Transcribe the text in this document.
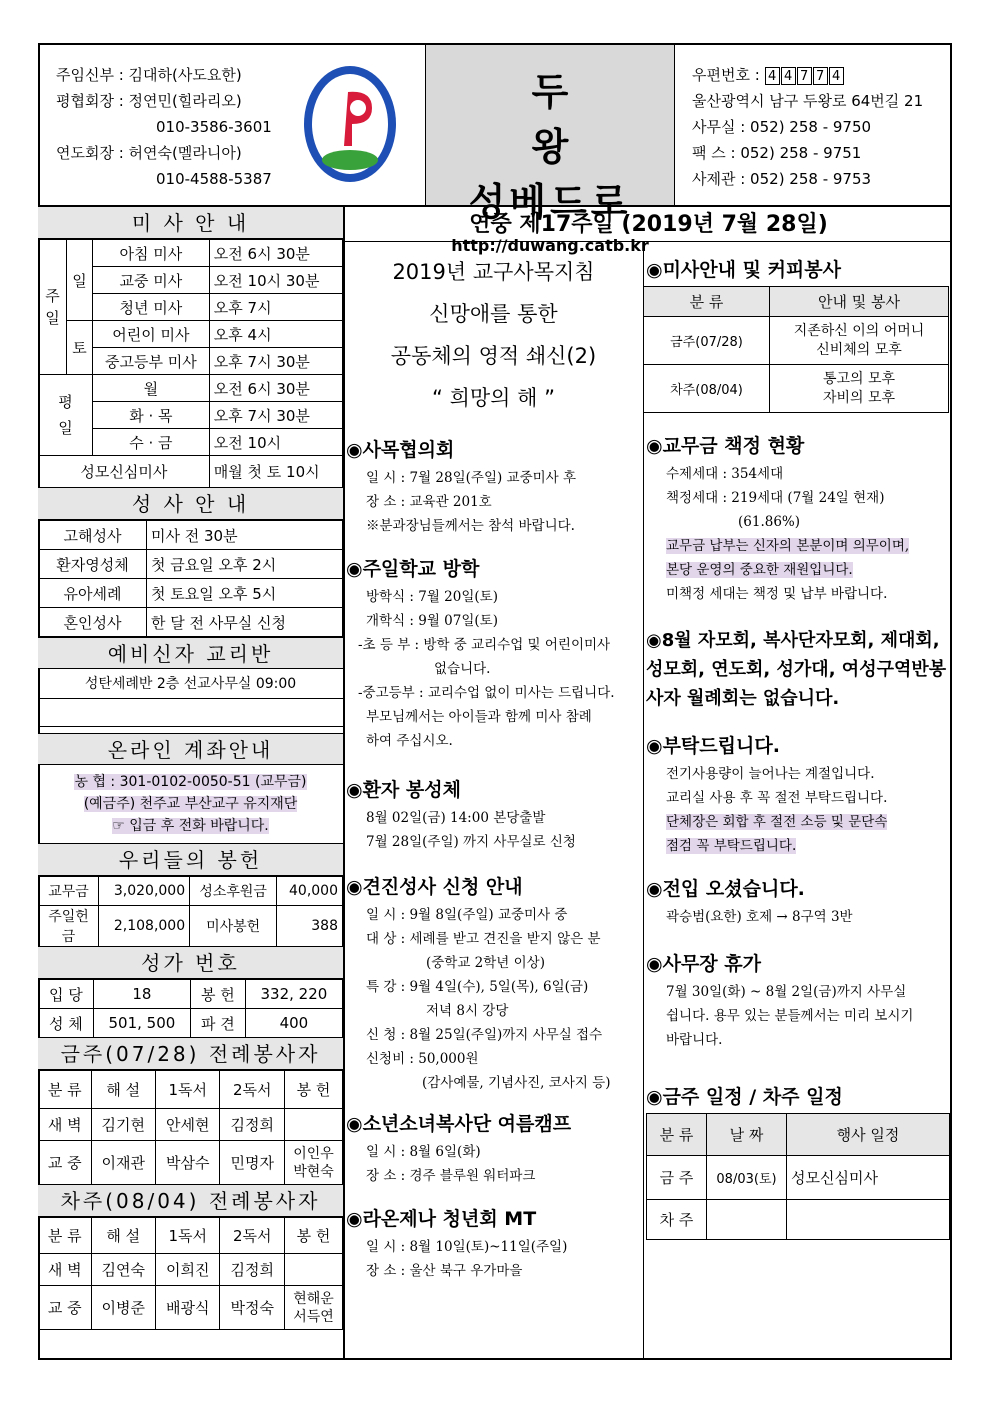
주임신부 : 김대하(사도요한)
평협회장 : 정연민(힐라리오)
010-3586-3601
연도회장 : 허연숙(멜라니아)
010-4588-5387
두 왕
성베드로
http://duwang.catb.kr
우편번호 : 4 4 7 7 4
울산광역시 남구 두왕로 64번길 21
사무실 : 052) 258 - 9750
팩 스 : 052) 258 - 9751
사제관 : 052) 258 - 9753
미 사 안 내
주
일	일	아침 미사	오전 6시 30분
		교중 미사	오전 10시 30분
		청년 미사	오후 7시
	토	어린이 미사	오후 4시
		중고등부 미사	오후 7시 30분
평
일		월	오전 6시 30분
		화 · 목	오후 7시 30분
		수 · 금	오전 10시
성모신심미사			매월 첫 토 10시
성 사 안 내
고해성사	미사 전 30분
환자영성체	첫 금요일 오후 2시
유아세례	첫 토요일 오후 5시
혼인성사	한 달 전 사무실 신청
예비신자 교리반
성탄세례반 2층 선교사무실 09:00
온라인 계좌안내
농 협 : 301-0102-0050-51 (교무금)
(예금주) 천주교 부산교구 유지재단
☞ 입금 후 전화 바랍니다.
우리들의 봉헌
교무금	3,020,000	성소후원금	40,000
주일헌금	2,108,000	미사봉헌	388
성가 번호
입 당	18	봉 헌	332, 220
성 체	501, 500	파 견	400
금주(07/28) 전례봉사자
분 류	해 설	1독서	2독서	봉 헌
새 벽	김기현	안세현	김정희	
교 중	이재관	박삼수	민명자	이인우 박현숙
차주(08/04) 전례봉사자
분 류	해 설	1독서	2독서	봉 헌
새 벽	김연숙	이희진	김정희	
교 중	이병준	배광식	박정숙	현해운 서득연
연중 제17주일 (2019년 7월 28일)
2019년 교구사목지침
신망애를 통한
공동체의 영적 쇄신(2)
“ 희망의 해 ”
◉사목협의회
일 시 : 7월 28일(주일) 교중미사 후
장 소 : 교육관 201호
※분과장님들께서는 참석 바랍니다.
◉주일학교 방학
방학식 : 7월 20일(토)
개학식 : 9월 07일(토)
-초 등 부 : 방학 중 교리수업 및 어린이미사
없습니다.
-중고등부 : 교리수업 없이 미사는 드립니다.
부모님께서는 아이들과 함께 미사 참례
하여 주십시오.
◉환자 봉성체
8월 02일(금) 14:00 본당출발
7월 28일(주일) 까지 사무실로 신청
◉견진성사 신청 안내
일 시 : 9월 8일(주일) 교중미사 중
대 상 : 세례를 받고 견진을 받지 않은 분
(중학교 2학년 이상)
특 강 : 9월 4일(수), 5일(목), 6일(금)
저녁 8시 강당
신 청 : 8월 25일(주일)까지 사무실 접수
신청비 : 50,000원
(감사예물, 기념사진, 코사지 등)
◉소년소녀복사단 여름캠프
일 시 : 8월 6일(화)
장 소 : 경주 블루원 워터파크
◉라온제나 청년회 MT
일 시 : 8월 10일(토)~11일(주일)
장 소 : 울산 북구 우가마을
◉미사안내 및 커피봉사
분 류	안내 및 봉사
금주(07/28)	지존하신 이의 어머니
신비체의 모후

차주(08/04)	통고의 모후
자비의 모후
◉교무금 책정 현황
수제세대 : 354세대
책정세대 : 219세대 (7월 24일 현재)
(61.86%)
교무금 납부는 신자의 본분이며 의무이며,
본당 운영의 중요한 재원입니다.
미책정 세대는 책정 및 납부 바랍니다.
◉8월 자모회, 복사단자모회, 제대회, 성모회, 연도회, 성가대, 여성구역반봉사자 월례회는 없습니다.
◉부탁드립니다.
전기사용량이 늘어나는 계절입니다.
교리실 사용 후 꼭 절전 부탁드립니다.
단체장은 회합 후 절전 소등 및 문단속
점검 꼭 부탁드립니다.
◉전입 오셨습니다.
곽승범(요한) 호제 → 8구역 3반
◉사무장 휴가
7월 30일(화) ~ 8월 2일(금)까지 사무실
쉽니다. 용무 있는 분들께서는 미리 보시기
바랍니다.
◉금주 일정 / 차주 일정
분 류	날 짜	행사 일정
금 주	08/03(토)	성모신심미사
차 주		
